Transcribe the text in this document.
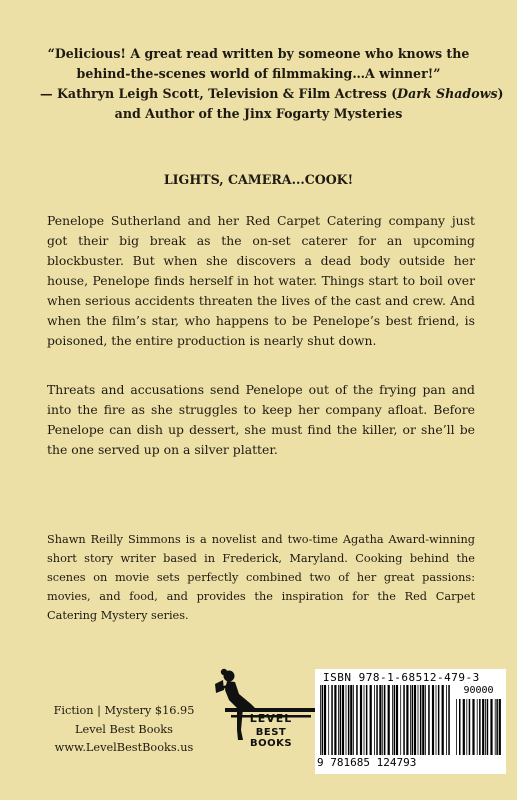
“Delicious! A great read written by someone who knows the
behind-the-scenes world of filmmaking…A winner!”
— Kathryn Leigh Scott, Television & Film Actress (Dark Shadows)
and Author of the Jinx Fogarty Mysteries
LIGHTS, CAMERA...COOK!

Penelope Sutherland and her Red Carpet Catering company just got their big break as the on-set caterer for an upcoming blockbuster. But when she discovers a dead body outside her house, Penelope finds herself in hot water. Things start to boil over when serious accidents threaten the lives of the cast and crew. And when the film’s star, who happens to be Penelope’s best friend, is poisoned, the entire production is nearly shut down.

Threats and accusations send Penelope out of the frying pan and into the fire as she struggles to keep her company afloat. Before Penelope can dish up dessert, she must find the killer, or she’ll be the one served up on a silver platter.

Shawn Reilly Simmons is a novelist and two-time Agatha Award-winning short story writer based in Frederick, Maryland. Cooking behind the scenes on movie sets perfectly combined two of her great passions: movies, and food, and provides the inspiration for the Red Carpet Catering Mystery series.

Fiction | Mystery $16.95
Level Best Books
www.LevelBestBooks.us
LEVEL
BEST BOOKS
ISBN 978-1-68512-479-3
90000
9 781685 124793
